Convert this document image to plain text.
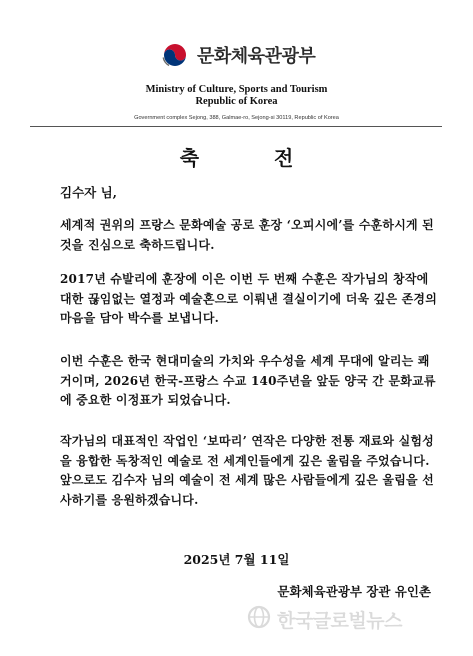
문화체육관광부
Ministry of Culture, Sports and Tourism
Republic of Korea
Government complex Sejong, 388, Galmae-ro, Sejong-si 30119, Republic of Korea
축 전
김수자 님,
세계적 권위의 프랑스 문화예술 공로 훈장 ‘오피시에’를 수훈하시게 된 것을 진심으로 축하드립니다.
2017년 슈발리에 훈장에 이은 이번 두 번째 수훈은 작가님의 창작에 대한 끊임없는 열정과 예술혼으로 이뤄낸 결실이기에 더욱 깊은 존경의 마음을 담아 박수를 보냅니다.
이번 수훈은 한국 현대미술의 가치와 우수성을 세계 무대에 알리는 쾌거이며, 2026년 한국-프랑스 수교 140주년을 앞둔 양국 간 문화교류에 중요한 이정표가 되었습니다.
작가님의 대표적인 작업인 ‘보따리’ 연작은 다양한 전통 재료와 실험성을 융합한 독창적인 예술로 전 세계인들에게 깊은 울림을 주었습니다. 앞으로도 김수자 님의 예술이 전 세계 많은 사람들에게 깊은 울림을 선사하기를 응원하겠습니다.
2025년 7월 11일
문화체육관광부 장관 유인촌
한국글로벌뉴스
